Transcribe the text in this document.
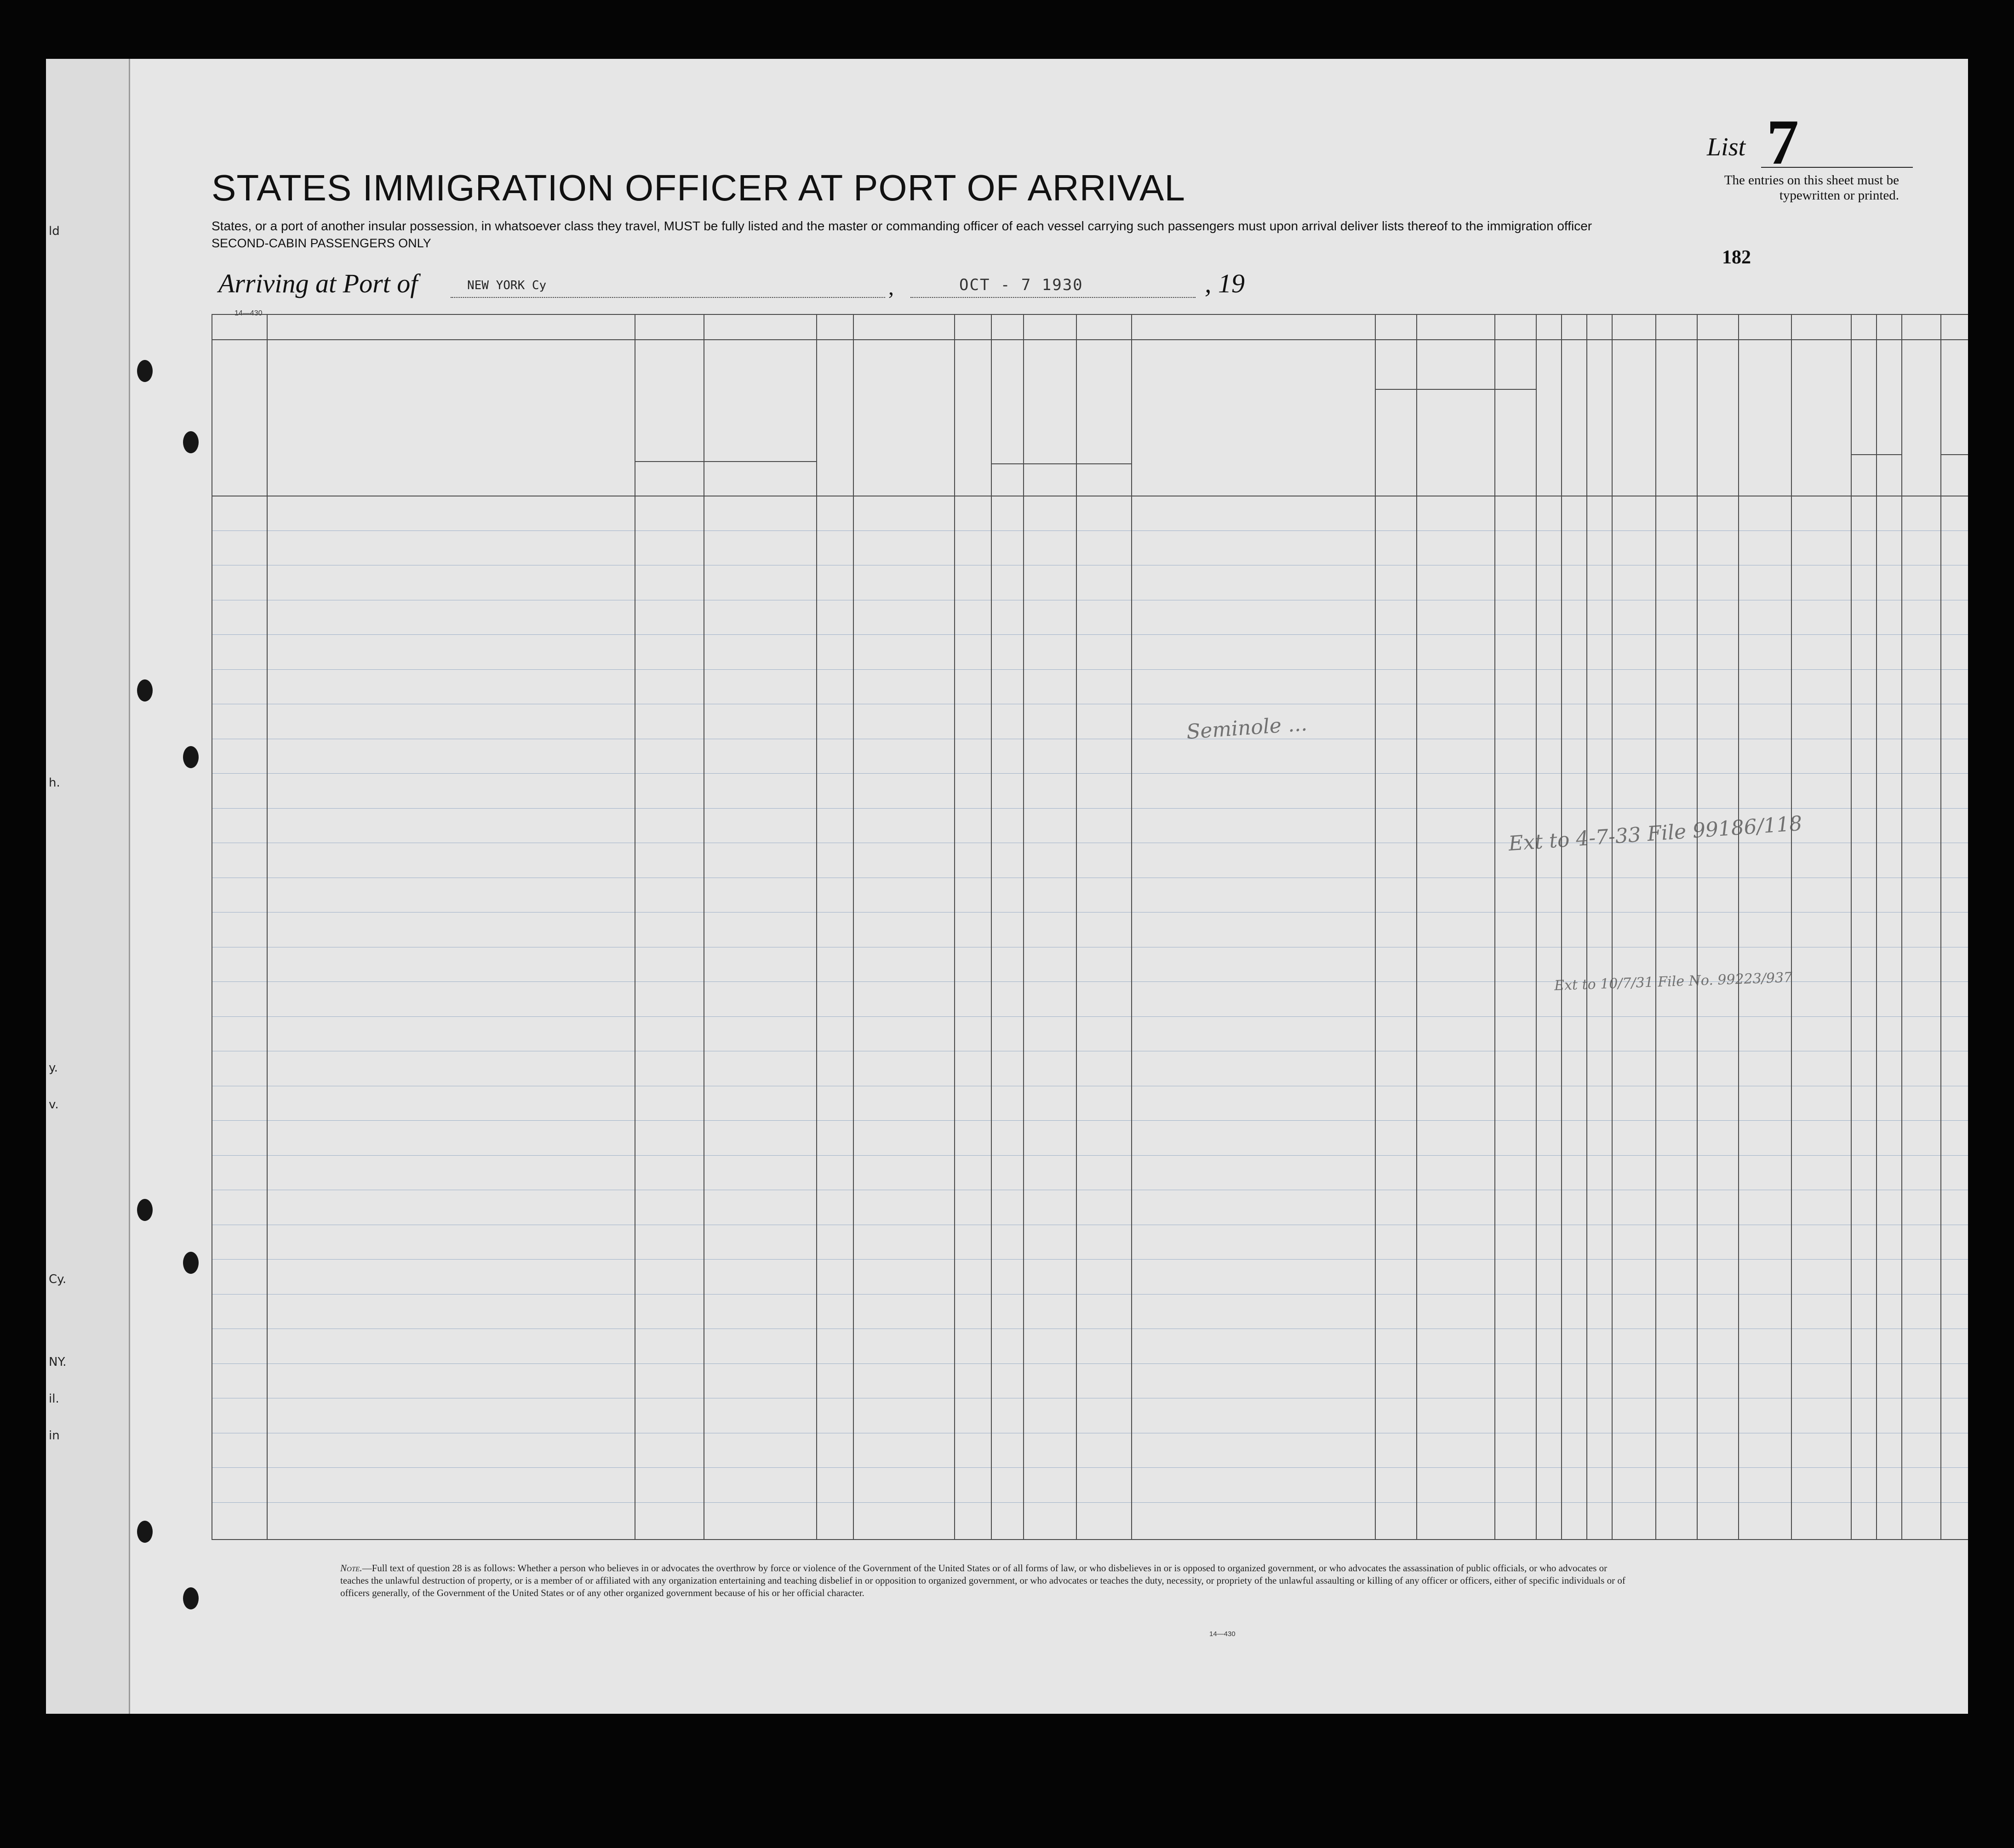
ld
h.
y.
v.
Cy.
NY.
il.
in
STATES IMMIGRATION OFFICER AT PORT OF ARRIVAL
States, or a port of another insular possession, in whatsoever class they travel, MUST be fully listed and the master or commanding officer of each vessel carrying such passengers must upon arrival deliver lists thereof to the immigration officer
SECOND-CABIN PASSENGERS ONLY
Arriving at Port of	NEW YORK Cy	,	OCT - 7 1930	, 19
List 7
The entries on this sheet must be typewritten or printed.
182
14—430
Seminole ...
Ext to 4-7-33 File 99186/118
Ext to 10/7/31 File No. 99223/937
Note.—Full text of question 28 is as follows: Whether a person who believes in or advocates the overthrow by force or violence of the Government of the United States or of all forms of law, or who disbelieves in or is opposed to organized government, or who advocates the assassination of public officials, or who advocates or teaches the unlawful destruction of property, or is a member of or affiliated with any organization entertaining and teaching disbelief in or opposition to organized government, or who advocates or teaches the duty, necessity, or propriety of the unlawful assaulting or killing of any officer or officers, either of specific individuals or of officers generally, of the Government of the United States or of any other organized government because of his or her official character.
14—430
